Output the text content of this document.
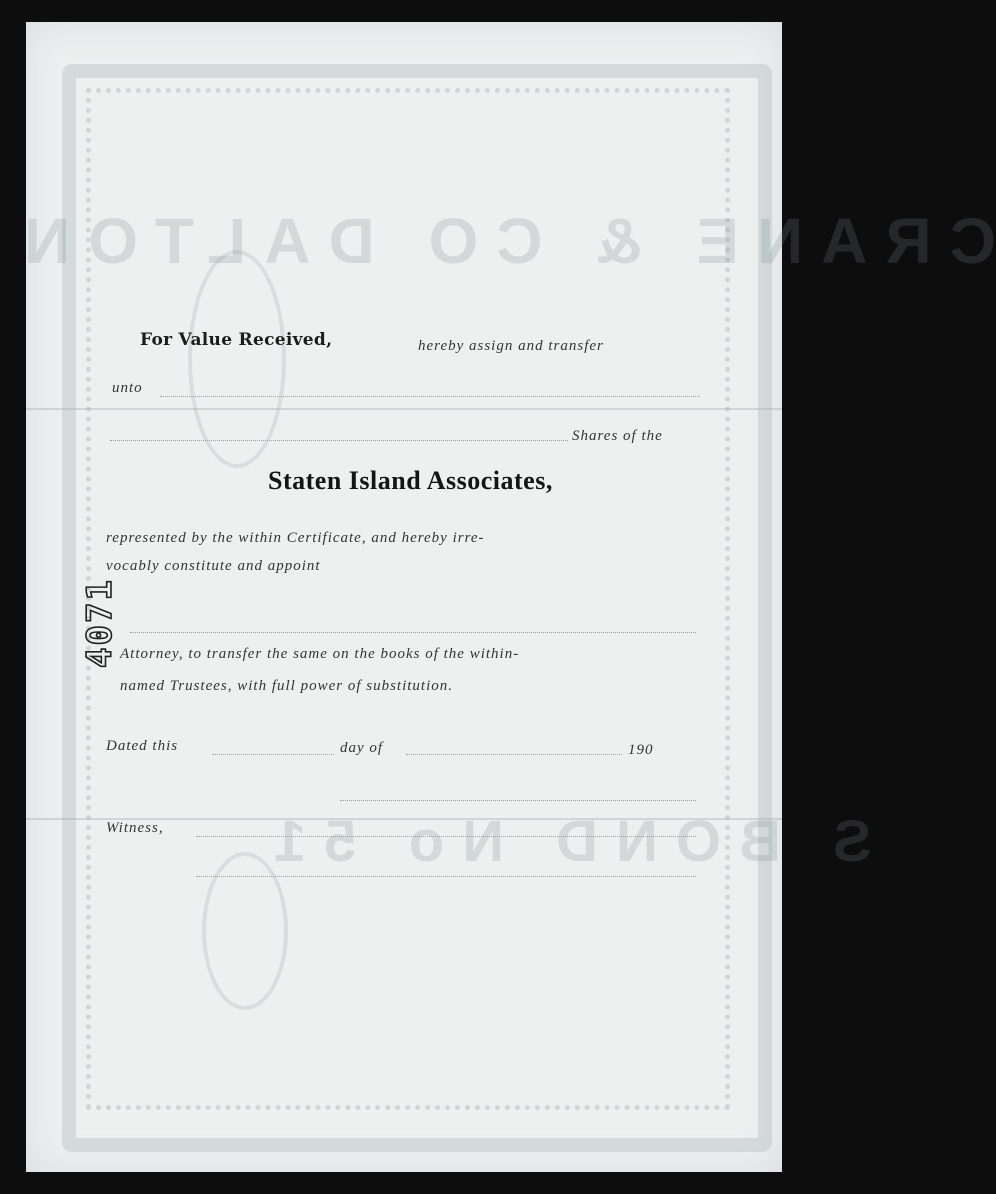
CRANE & CO DALTON
S BOND No 51
For Value Received,	hereby assign and transfer
unto
Shares of the
Staten Island Associates,
represented by the within Certificate, and hereby irre-
vocably constitute and appoint
Attorney, to transfer the same on the books of the within-
named Trustees, with full power of substitution.
Dated this	day of	190
Witness,
4071
